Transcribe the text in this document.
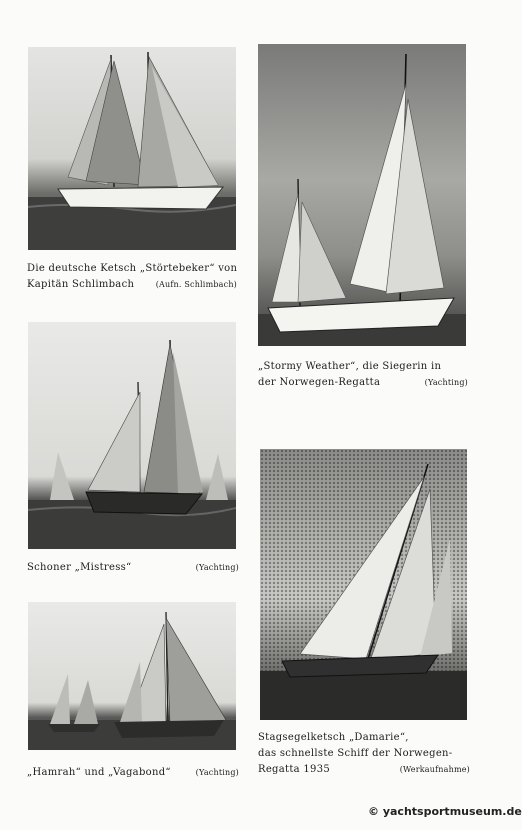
Die deutsche Ketsch „Störtebeker“ von
Kapitän Schlimbach	(Aufn. Schlimbach)
„Stormy Weather“, die Siegerin in
der Norwegen-Regatta	(Yachting)
Schoner „Mistress“	(Yachting)
Stagsegelketsch „Damarie“,
das schnellste Schiff der Norwegen-
Regatta 1935	(Werkaufnahme)
„Hamrah“ und „Vagabond“	(Yachting)
© yachtsportmuseum.de
